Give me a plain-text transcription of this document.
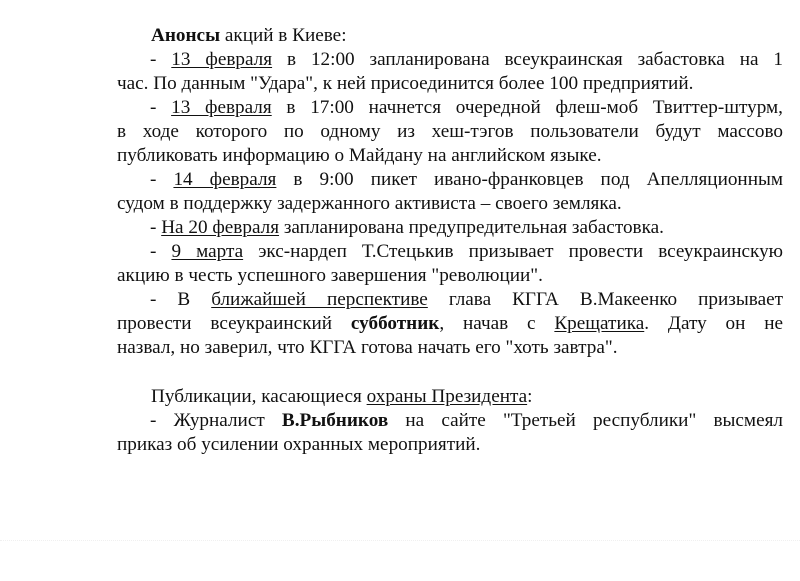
Анонсы акций в Киеве:
- 13 февраля в 12:00 запланирована всеукраинская забастовка на 1
час. По данным "Удара", к ней присоединится более 100 предприятий.
- 13 февраля в 17:00 начнется очередной флеш-моб Твиттер-штурм,
в ходе которого по одному из хеш-тэгов пользователи будут массово
публиковать информацию о Майдану на английском языке.
- 14 февраля в 9:00 пикет ивано-франковцев под Апелляционным
судом в поддержку задержанного активиста – своего земляка.
- На 20 февраля запланирована предупредительная забастовка.
- 9 марта экс-нардеп Т.Стецькив призывает провести всеукраинскую
акцию в честь успешного завершения "революции".
- В ближайшей перспективе глава КГГА В.Макеенко призывает
провести всеукраинский субботник, начав с Крещатика. Дату он не
назвал, но заверил, что КГГА готова начать его "хоть завтра".
Публикации, касающиеся охраны Президента:
- Журналист В.Рыбников на сайте "Третьей республики" высмеял
приказ об усилении охранных мероприятий.
